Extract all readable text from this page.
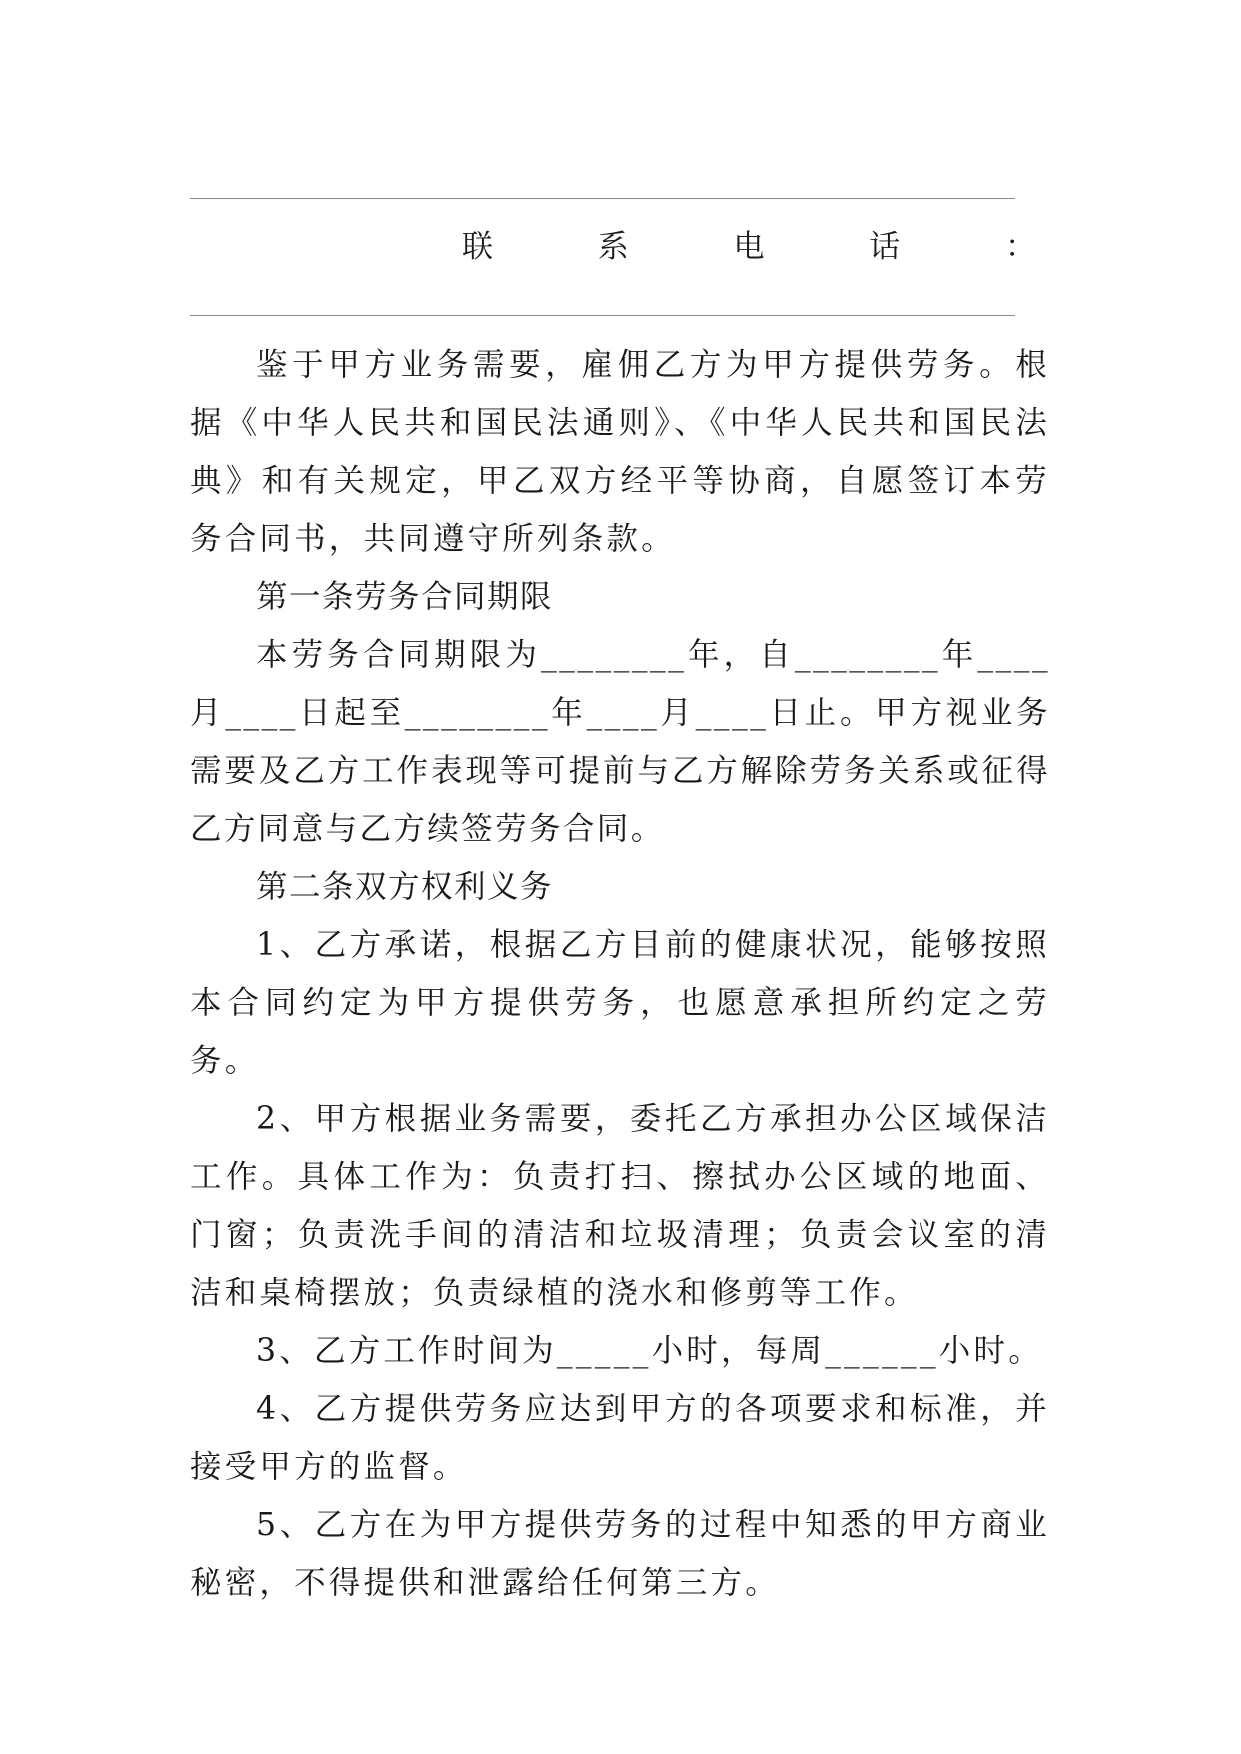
联	系	电	话	：

鉴于甲方业务需要，雇佣乙方为甲方提供劳务。根据《中华人民共和国民法通则》、《中华人民共和国民法典》和有关规定，甲乙双方经平等协商，自愿签订本劳务合同书，共同遵守所列条款。

第一条劳务合同期限

本劳务合同期限为________年，自________年____月____日起至________年____月____日止。甲方视业务需要及乙方工作表现等可提前与乙方解除劳务关系或征得乙方同意与乙方续签劳务合同。

第二条双方权利义务

1、乙方承诺，根据乙方目前的健康状况，能够按照本合同约定为甲方提供劳务，也愿意承担所约定之劳务。

2、甲方根据业务需要，委托乙方承担办公区域保洁工作。具体工作为：负责打扫、擦拭办公区域的地面、门窗；负责洗手间的清洁和垃圾清理；负责会议室的清洁和桌椅摆放；负责绿植的浇水和修剪等工作。

3、乙方工作时间为_____小时，每周______小时。

4、乙方提供劳务应达到甲方的各项要求和标准，并接受甲方的监督。

5、乙方在为甲方提供劳务的过程中知悉的甲方商业秘密，不得提供和泄露给任何第三方。
